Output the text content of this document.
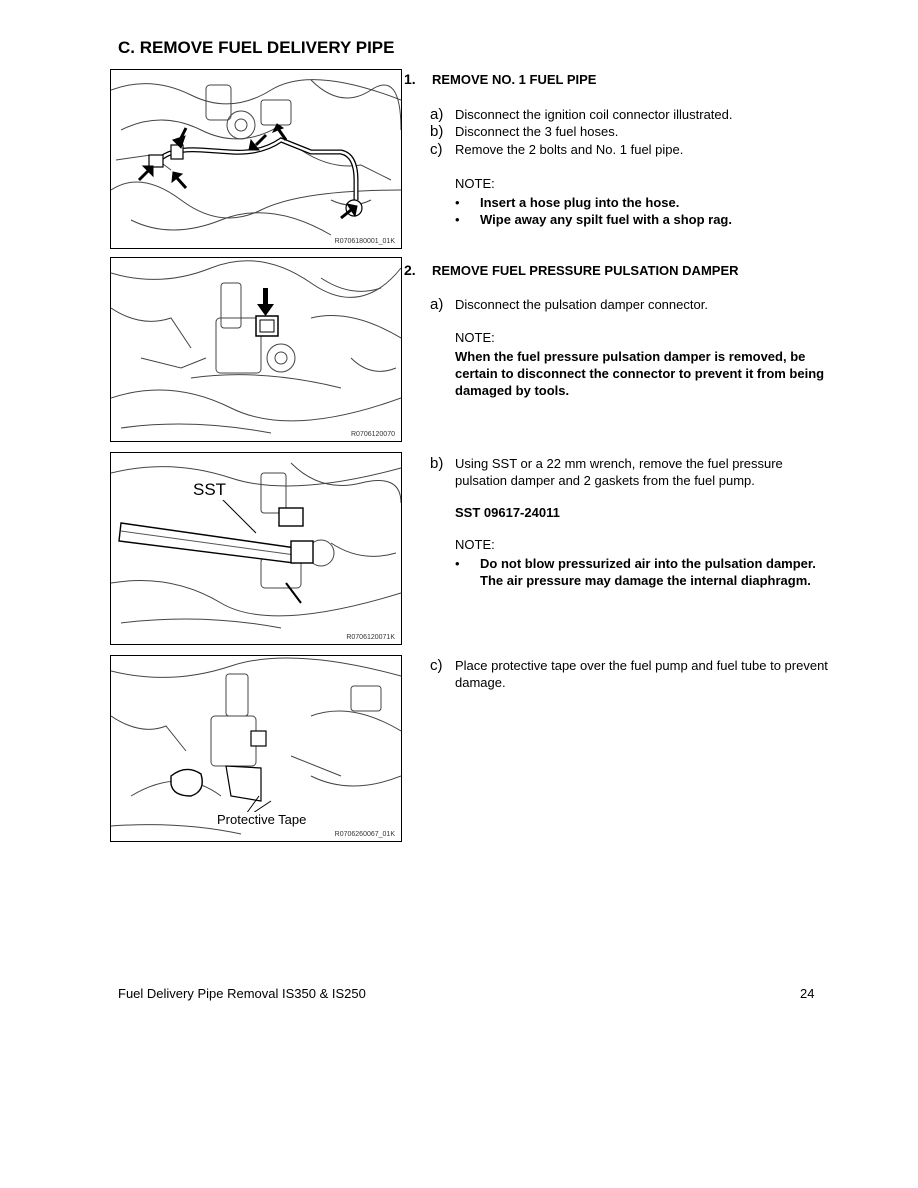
C. REMOVE FUEL DELIVERY PIPE
R0706180001_01K
R0706120070
SST
R0706120071K
Protective Tape
R0706260067_01K
1. REMOVE NO. 1 FUEL PIPE
a) Disconnect the ignition coil connector illustrated.
b) Disconnect the 3 fuel hoses.
c) Remove the 2 bolts and No. 1 fuel pipe.
NOTE:
• Insert a hose plug into the hose.
• Wipe away any spilt fuel with a shop rag.
2. REMOVE FUEL PRESSURE PULSATION DAMPER
a) Disconnect the pulsation damper connector.
NOTE:
When the fuel pressure pulsation damper is removed, be certain to disconnect the connector to prevent it from being damaged by tools.
b) Using SST or a 22 mm wrench, remove the fuel pressure pulsation damper and 2 gaskets from the fuel pump.
SST 09617-24011
NOTE:
• Do not blow pressurized air into the pulsation damper. The air pressure may damage the internal diaphragm.
c) Place protective tape over the fuel pump and fuel tube to prevent damage.
Fuel Delivery Pipe Removal IS350 & IS250	24
